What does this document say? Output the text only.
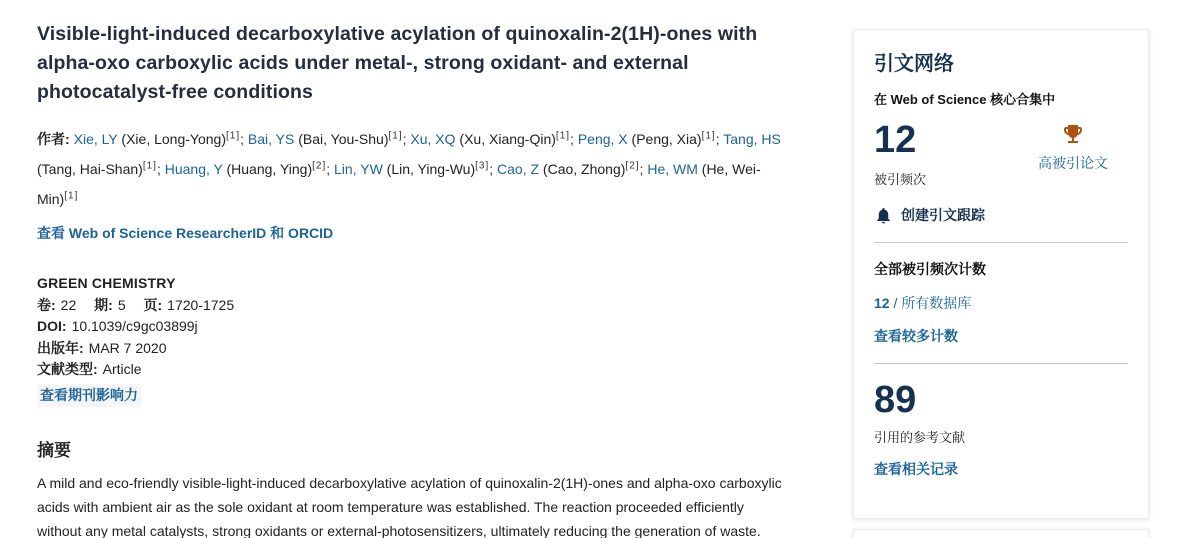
Visible-light-induced decarboxylative acylation of quinoxalin-2(1H)-ones with alpha-oxo carboxylic acids under metal-, strong oxidant- and external photocatalyst-free conditions
作者: Xie, LY (Xie, Long-Yong)[1]; Bai, YS (Bai, You-Shu)[1]; Xu, XQ (Xu, Xiang-Qin)[1]; Peng, X (Peng, Xia)[1]; Tang, HS (Tang, Hai-Shan)[1]; Huang, Y (Huang, Ying)[2]; Lin, YW (Lin, Ying-Wu)[3]; Cao, Z (Cao, Zhong)[2]; He, WM (He, Wei-Min)[1]
查看 Web of Science ResearcherID 和 ORCID
GREEN CHEMISTRY
卷: 22 期: 5 页: 1720-1725
DOI: 10.1039/c9gc03899j
出版年: MAR 7 2020
文献类型: Article
查看期刊影响力
摘要

A mild and eco-friendly visible-light-induced decarboxylative acylation of quinoxalin-2(1H)-ones and alpha-oxo carboxylic acids with ambient air as the sole oxidant at room temperature was established. The reaction proceeded efficiently without any metal catalysts, strong oxidants or external-photosensitizers, ultimately reducing the generation of waste.

引文网络
在 Web of Science 核心合集中
12
被引频次

高被引论文
创建引文跟踪
全部被引频次计数
12 / 所有数据库
查看较多计数
89
引用的参考文献
查看相关记录
